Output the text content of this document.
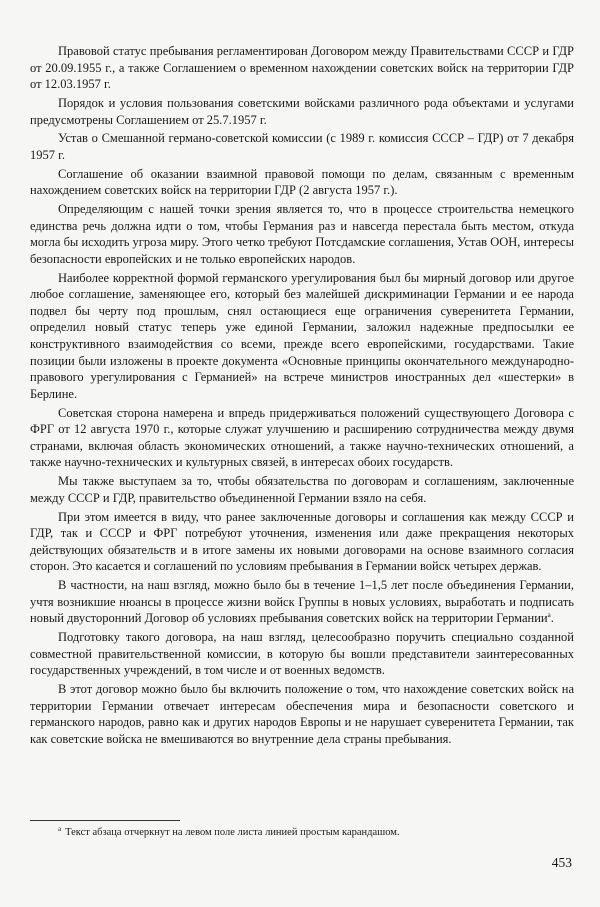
Правовой статус пребывания регламентирован Договором между Правительствами СССР и ГДР от 20.09.1955 г., а также Соглашением о временном нахождении советских войск на территории ГДР от 12.03.1957 г.

Порядок и условия пользования советскими войсками различного рода объектами и услугами предусмотрены Соглашением от 25.7.1957 г.

Устав о Смешанной германо-советской комиссии (с 1989 г. комиссия СССР – ГДР) от 7 декабря 1957 г.

Соглашение об оказании взаимной правовой помощи по делам, связанным с временным нахождением советских войск на территории ГДР (2 августа 1957 г.).

Определяющим с нашей точки зрения является то, что в процессе строительства немецкого единства речь должна идти о том, чтобы Германия раз и навсегда перестала быть местом, откуда могла бы исходить угроза миру. Этого четко требуют Потсдамские соглашения, Устав ООН, интересы безопасности европейских и не только европейских народов.

Наиболее корректной формой германского урегулирования был бы мирный договор или другое любое соглашение, заменяющее его, который без малейшей дискриминации Германии и ее народа подвел бы черту под прошлым, снял остающиеся еще ограничения суверенитета Германии, определил новый статус теперь уже единой Германии, заложил надежные предпосылки ее конструктивного взаимодействия со всеми, прежде всего европейскими, государствами. Такие позиции были изложены в проекте документа «Основные принципы окончательного международно-правового урегулирования с Германией» на встрече министров иностранных дел «шестерки» в Берлине.

Советская сторона намерена и впредь придерживаться положений существующего Договора с ФРГ от 12 августа 1970 г., которые служат улучшению и расширению сотрудничества между двумя странами, включая область экономических отношений, а также научно-технических отношений, а также научно-технических и культурных связей, в интересах обоих государств.

Мы также выступаем за то, чтобы обязательства по договорам и соглашениям, заключенные между СССР и ГДР, правительство объединенной Германии взяло на себя.

При этом имеется в виду, что ранее заключенные договоры и соглашения как между СССР и ГДР, так и СССР и ФРГ потребуют уточнения, изменения или даже прекращения некоторых действующих обязательств и в итоге замены их новыми договорами на основе взаимного согласия сторон. Это касается и соглашений по условиям пребывания в Германии войск четырех держав.

В частности, на наш взгляд, можно было бы в течение 1–1,5 лет после объединения Германии, учтя возникшие нюансы в процессе жизни войск Группы в новых условиях, выработать и подписать новый двусторонний Договор об условиях пребывания советских войск на территории Германии$^а$.

Подготовку такого договора, на наш взгляд, целесообразно поручить специально созданной совместной правительственной комиссии, в которую бы вошли представители заинтересованных государственных учреждений, в том числе и от военных ведомств.

В этот договор можно было бы включить положение о том, что нахождение советских войск на территории Германии отвечает интересам обеспечения мира и безопасности советского и германского народов, равно как и других народов Европы и не нарушает суверенитета Германии, так как советские войска не вмешиваются во внутренние дела страны пребывания.

$^а$ Текст абзаца отчеркнут на левом поле листа линией простым карандашом.
453
